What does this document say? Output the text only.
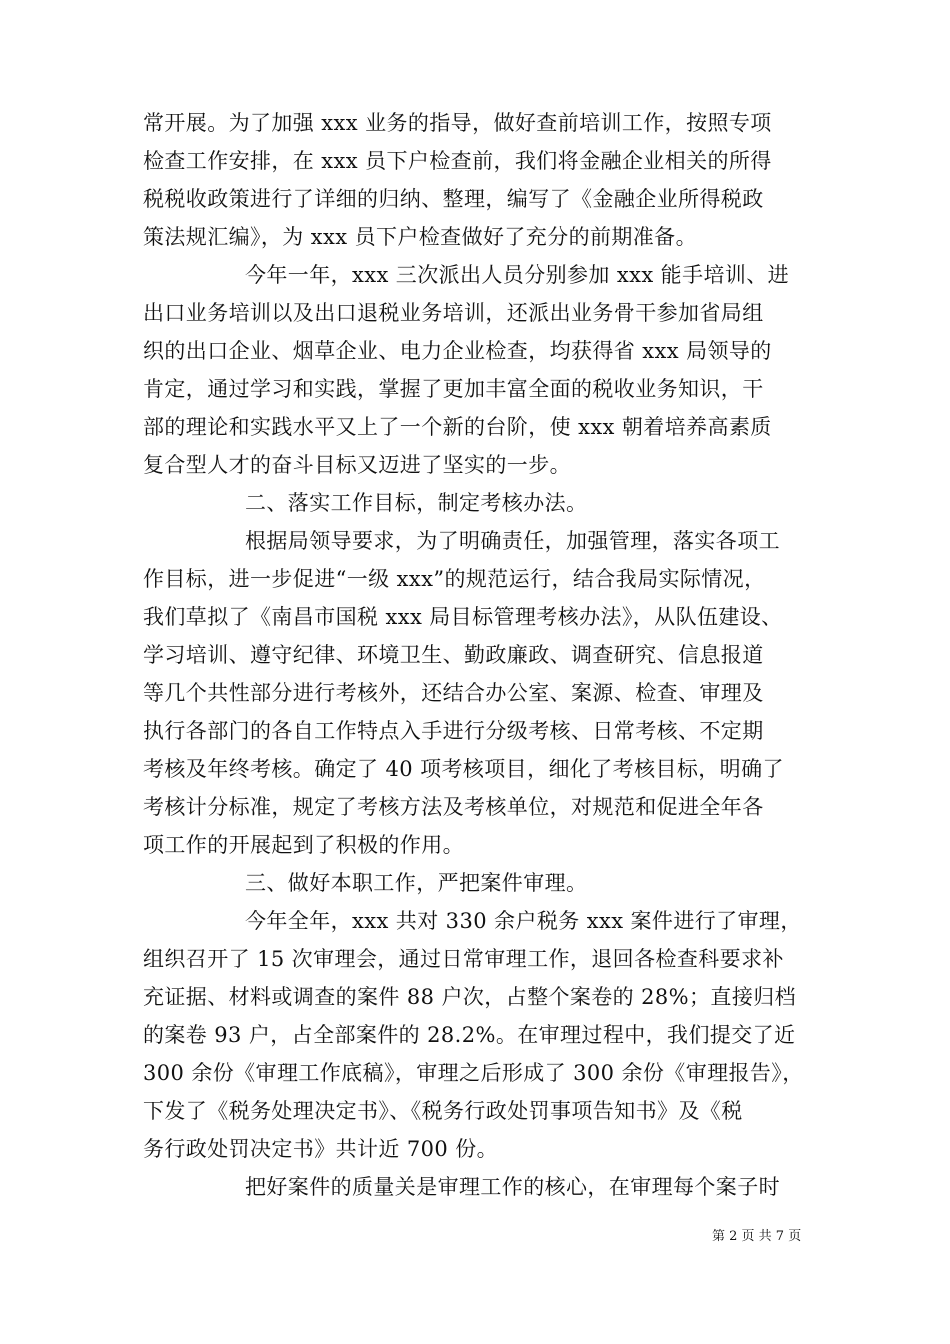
常开展。为了加强 xxx 业务的指导，做好查前培训工作，按照专项
检查工作安排，在 xxx 员下户检查前，我们将金融企业相关的所得
税税收政策进行了详细的归纳、整理，编写了《金融企业所得税政
策法规汇编》，为 xxx 员下户检查做好了充分的前期准备。
今年一年，xxx 三次派出人员分别参加 xxx 能手培训、进
出口业务培训以及出口退税业务培训，还派出业务骨干参加省局组
织的出口企业、烟草企业、电力企业检查，均获得省 xxx 局领导的
肯定，通过学习和实践，掌握了更加丰富全面的税收业务知识，干
部的理论和实践水平又上了一个新的台阶，使 xxx 朝着培养高素质
复合型人才的奋斗目标又迈进了坚实的一步。
二、落实工作目标，制定考核办法。
根据局领导要求，为了明确责任，加强管理，落实各项工
作目标，进一步促进“一级 xxx”的规范运行，结合我局实际情况，
我们草拟了《南昌市国税 xxx 局目标管理考核办法》，从队伍建设、
学习培训、遵守纪律、环境卫生、勤政廉政、调查研究、信息报道
等几个共性部分进行考核外，还结合办公室、案源、检查、审理及
执行各部门的各自工作特点入手进行分级考核、日常考核、不定期
考核及年终考核。确定了 40 项考核项目，细化了考核目标，明确了
考核计分标准，规定了考核方法及考核单位，对规范和促进全年各
项工作的开展起到了积极的作用。
三、做好本职工作，严把案件审理。
今年全年，xxx 共对 330 余户税务 xxx 案件进行了审理，
组织召开了 15 次审理会，通过日常审理工作，退回各检查科要求补
充证据、材料或调查的案件 88 户次，占整个案卷的 28%；直接归档
的案卷 93 户，占全部案件的 28.2%。在审理过程中，我们提交了近
300 余份《审理工作底稿》，审理之后形成了 300 余份《审理报告》，
下发了《税务处理决定书》、《税务行政处罚事项告知书》及《税
务行政处罚决定书》共计近 700 份。
把好案件的质量关是审理工作的核心，在审理每个案子时
第 2 页 共 7 页
